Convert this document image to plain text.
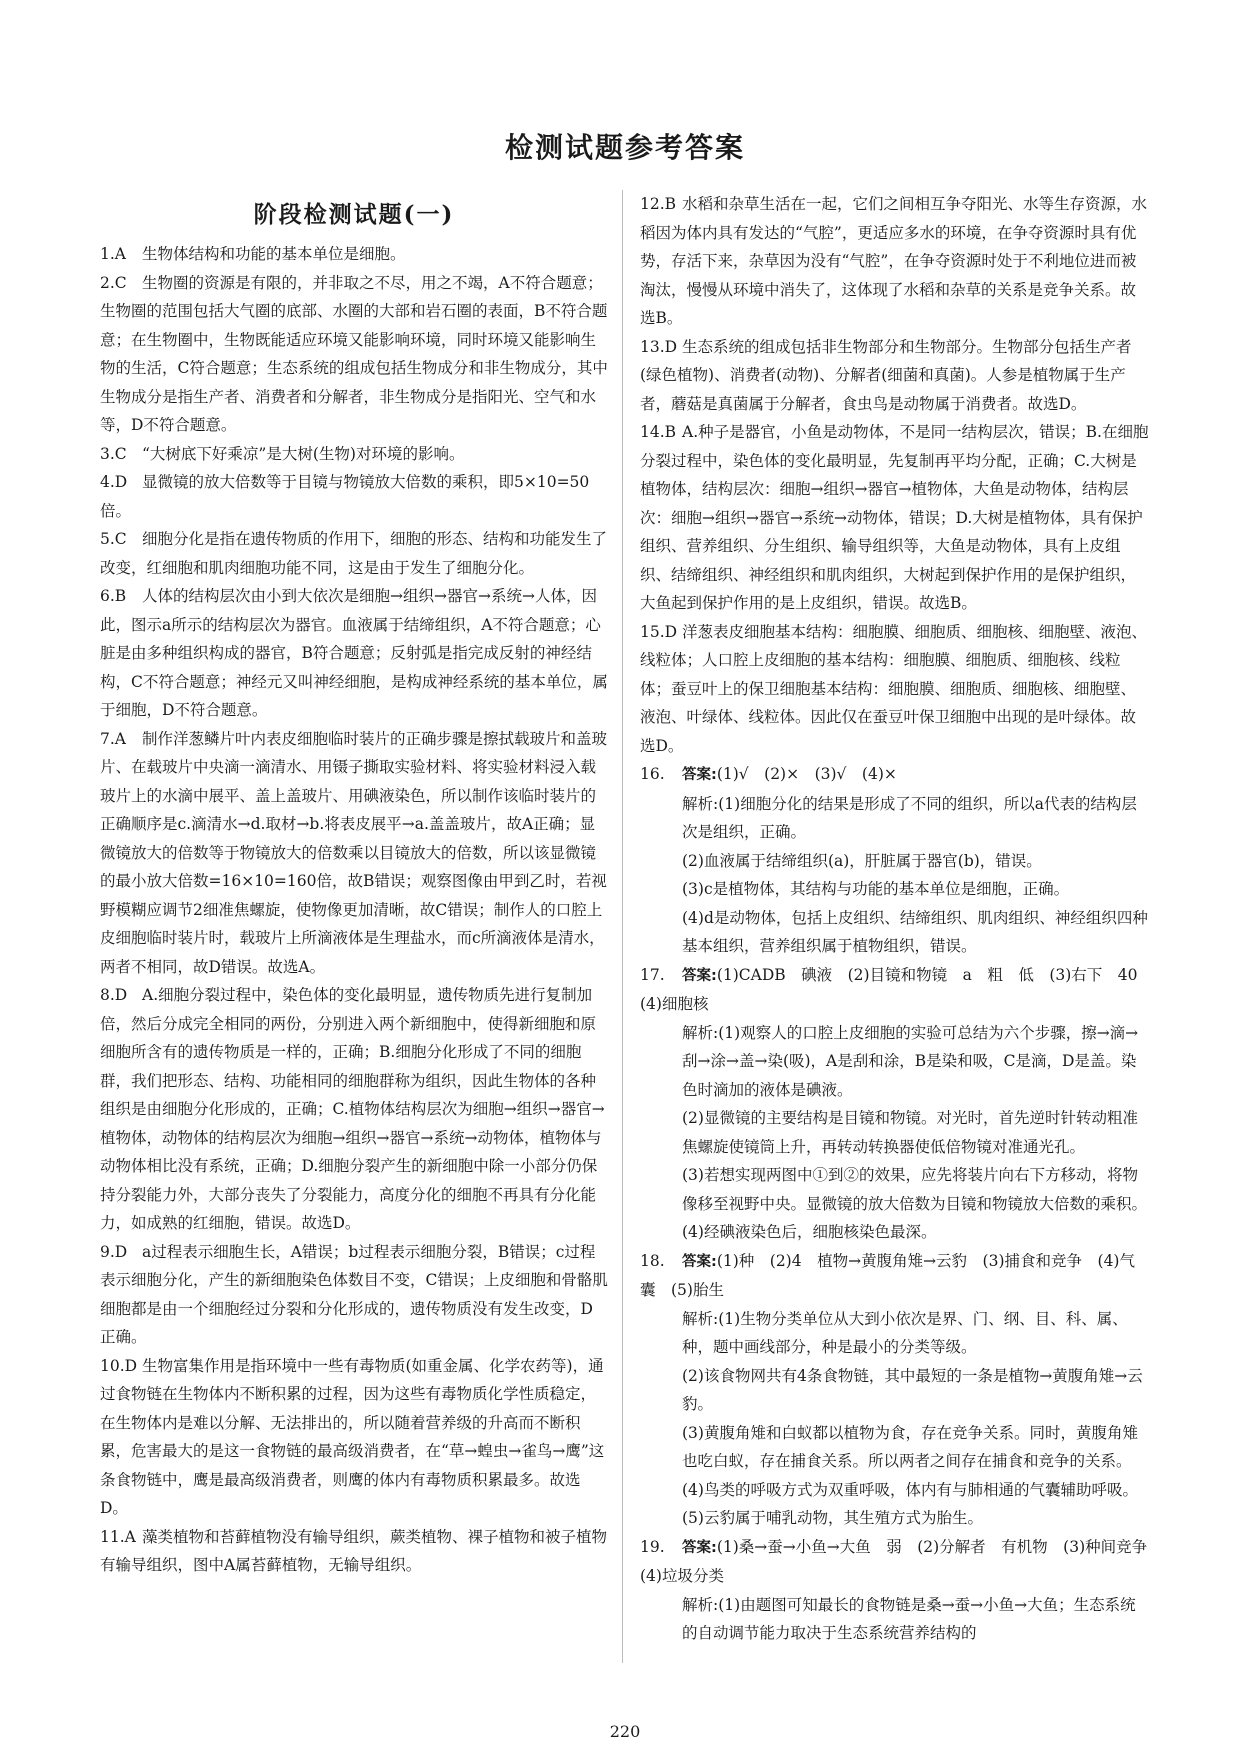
检测试题参考答案
阶段检测试题(一)

1.A 生物体结构和功能的基本单位是细胞。

2.C 生物圈的资源是有限的，并非取之不尽，用之不竭，A不符合题意；生物圈的范围包括大气圈的底部、水圈的大部和岩石圈的表面，B不符合题意；在生物圈中，生物既能适应环境又能影响环境，同时环境又能影响生物的生活，C符合题意；生态系统的组成包括生物成分和非生物成分，其中生物成分是指生产者、消费者和分解者，非生物成分是指阳光、空气和水等，D不符合题意。

3.C “大树底下好乘凉”是大树(生物)对环境的影响。

4.D 显微镜的放大倍数等于目镜与物镜放大倍数的乘积，即5×10=50倍。

5.C 细胞分化是指在遗传物质的作用下，细胞的形态、结构和功能发生了改变，红细胞和肌肉细胞功能不同，这是由于发生了细胞分化。

6.B 人体的结构层次由小到大依次是细胞→组织→器官→系统→人体，因此，图示a所示的结构层次为器官。血液属于结缔组织，A不符合题意；心脏是由多种组织构成的器官，B符合题意；反射弧是指完成反射的神经结构，C不符合题意；神经元又叫神经细胞，是构成神经系统的基本单位，属于细胞，D不符合题意。

7.A 制作洋葱鳞片叶内表皮细胞临时装片的正确步骤是擦拭载玻片和盖玻片、在载玻片中央滴一滴清水、用镊子撕取实验材料、将实验材料浸入载玻片上的水滴中展平、盖上盖玻片、用碘液染色，所以制作该临时装片的正确顺序是c.滴清水→d.取材→b.将表皮展平→a.盖盖玻片，故A正确；显微镜放大的倍数等于物镜放大的倍数乘以目镜放大的倍数，所以该显微镜的最小放大倍数=16×10=160倍，故B错误；观察图像由甲到乙时，若视野模糊应调节2细准焦螺旋，使物像更加清晰，故C错误；制作人的口腔上皮细胞临时装片时，载玻片上所滴液体是生理盐水，而c所滴液体是清水，两者不相同，故D错误。故选A。

8.D A.细胞分裂过程中，染色体的变化最明显，遗传物质先进行复制加倍，然后分成完全相同的两份，分别进入两个新细胞中，使得新细胞和原细胞所含有的遗传物质是一样的，正确；B.细胞分化形成了不同的细胞群，我们把形态、结构、功能相同的细胞群称为组织，因此生物体的各种组织是由细胞分化形成的，正确；C.植物体结构层次为细胞→组织→器官→植物体，动物体的结构层次为细胞→组织→器官→系统→动物体，植物体与动物体相比没有系统，正确；D.细胞分裂产生的新细胞中除一小部分仍保持分裂能力外，大部分丧失了分裂能力，高度分化的细胞不再具有分化能力，如成熟的红细胞，错误。故选D。

9.D a过程表示细胞生长，A错误；b过程表示细胞分裂，B错误；c过程表示细胞分化，产生的新细胞染色体数目不变，C错误；上皮细胞和骨骼肌细胞都是由一个细胞经过分裂和分化形成的，遗传物质没有发生改变，D正确。

10.D 生物富集作用是指环境中一些有毒物质(如重金属、化学农药等)，通过食物链在生物体内不断积累的过程，因为这些有毒物质化学性质稳定，在生物体内是难以分解、无法排出的，所以随着营养级的升高而不断积累，危害最大的是这一食物链的最高级消费者，在“草→蝗虫→雀鸟→鹰”这条食物链中，鹰是最高级消费者，则鹰的体内有毒物质积累最多。故选D。

11.A 藻类植物和苔藓植物没有输导组织，蕨类植物、裸子植物和被子植物有输导组织，图中A属苔藓植物，无输导组织。

12.B 水稻和杂草生活在一起，它们之间相互争夺阳光、水等生存资源，水稻因为体内具有发达的“气腔”，更适应多水的环境，在争夺资源时具有优势，存活下来，杂草因为没有“气腔”，在争夺资源时处于不利地位进而被淘汰，慢慢从环境中消失了，这体现了水稻和杂草的关系是竞争关系。故选B。

13.D 生态系统的组成包括非生物部分和生物部分。生物部分包括生产者(绿色植物)、消费者(动物)、分解者(细菌和真菌)。人参是植物属于生产者，蘑菇是真菌属于分解者，食虫鸟是动物属于消费者。故选D。

14.B A.种子是器官，小鱼是动物体，不是同一结构层次，错误；B.在细胞分裂过程中，染色体的变化最明显，先复制再平均分配，正确；C.大树是植物体，结构层次：细胞→组织→器官→植物体，大鱼是动物体，结构层次：细胞→组织→器官→系统→动物体，错误；D.大树是植物体，具有保护组织、营养组织、分生组织、输导组织等，大鱼是动物体，具有上皮组织、结缔组织、神经组织和肌肉组织，大树起到保护作用的是保护组织，大鱼起到保护作用的是上皮组织，错误。故选B。

15.D 洋葱表皮细胞基本结构：细胞膜、细胞质、细胞核、细胞壁、液泡、线粒体；人口腔上皮细胞的基本结构：细胞膜、细胞质、细胞核、线粒体；蚕豆叶上的保卫细胞基本结构：细胞膜、细胞质、细胞核、细胞壁、液泡、叶绿体、线粒体。因此仅在蚕豆叶保卫细胞中出现的是叶绿体。故选D。

16. 答案:(1)√　(2)×　(3)√　(4)×

解析:(1)细胞分化的结果是形成了不同的组织，所以a代表的结构层次是组织，正确。

(2)血液属于结缔组织(a)，肝脏属于器官(b)，错误。

(3)c是植物体，其结构与功能的基本单位是细胞，正确。

(4)d是动物体，包括上皮组织、结缔组织、肌肉组织、神经组织四种基本组织，营养组织属于植物组织，错误。

17. 答案:(1)CADB　碘液　(2)目镜和物镜　a　粗　低　(3)右下　40　(4)细胞核

解析:(1)观察人的口腔上皮细胞的实验可总结为六个步骤，擦→滴→刮→涂→盖→染(吸)，A是刮和涂，B是染和吸，C是滴，D是盖。染色时滴加的液体是碘液。

(2)显微镜的主要结构是目镜和物镜。对光时，首先逆时针转动粗准焦螺旋使镜筒上升，再转动转换器使低倍物镜对准通光孔。

(3)若想实现两图中①到②的效果，应先将装片向右下方移动，将物像移至视野中央。显微镜的放大倍数为目镜和物镜放大倍数的乘积。

(4)经碘液染色后，细胞核染色最深。

18. 答案:(1)种　(2)4　植物→黄腹角雉→云豹　(3)捕食和竞争　(4)气囊　(5)胎生

解析:(1)生物分类单位从大到小依次是界、门、纲、目、科、属、种，题中画线部分，种是最小的分类等级。

(2)该食物网共有4条食物链，其中最短的一条是植物→黄腹角雉→云豹。

(3)黄腹角雉和白蚁都以植物为食，存在竞争关系。同时，黄腹角雉也吃白蚁，存在捕食关系。所以两者之间存在捕食和竞争的关系。

(4)鸟类的呼吸方式为双重呼吸，体内有与肺相通的气囊辅助呼吸。

(5)云豹属于哺乳动物，其生殖方式为胎生。

19. 答案:(1)桑→蚕→小鱼→大鱼　弱　(2)分解者　有机物　(3)种间竞争　(4)垃圾分类

解析:(1)由题图可知最长的食物链是桑→蚕→小鱼→大鱼；生态系统的自动调节能力取决于生态系统营养结构的

220
